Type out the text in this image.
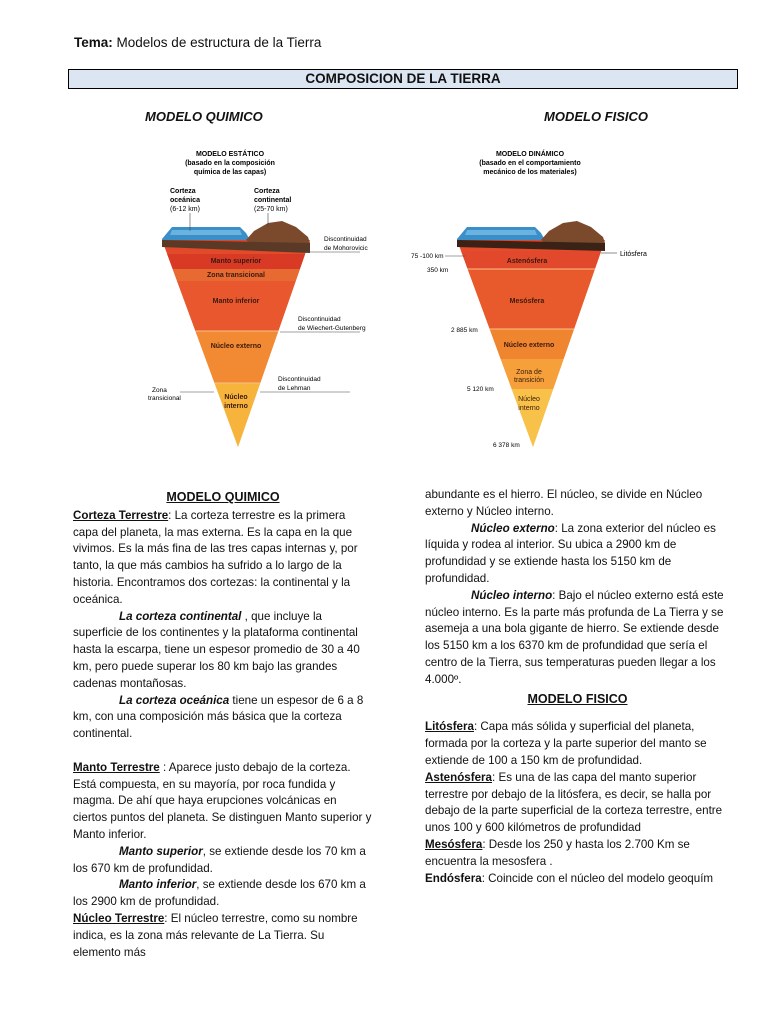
Tema: Modelos de estructura de la Tierra
COMPOSICION DE LA TIERRA
MODELO QUIMICO	MODELO FISICO
MODELO ESTÁTICO
(basado en la composición
química de las capas)
Corteza
oceánica
(6-12 km)
Corteza
continental
(25-70 km)
Discontinuidad
de Mohorovicic
Manto superior
Zona transicional
Manto inferior
Discontinuidad
de Wiechert-Gutenberg
Núcleo externo
Discontinuidad
de Lehman
Zona
transicional	Núcleo
interno
MODELO DINÁMICO
(basado en el comportamiento
mecánico de los materiales)
75 -100 km
350 km
Litósfera
Astenósfera
Mesósfera
2 885 km
Núcleo externo
Zona de
transición
5 120 km
Núcleo
interno
6 378 km

MODELO QUIMICO

Corteza Terrestre: La corteza terrestre es la primera capa del planeta, la mas externa. Es la capa en la que vivimos. Es la más fina de las tres capas internas y, por tanto, la que más cambios ha sufrido a lo largo de la historia. Encontramos dos cortezas: la continental y la oceánica.

La corteza continental , que incluye la superficie de los continentes y la plataforma continental hasta la escarpa, tiene un espesor promedio de 30 a 40 km, pero puede superar los 80 km bajo las grandes cadenas montañosas.

La corteza oceánica tiene un espesor de 6 a 8 km, con una composición más básica que la corteza continental.

Manto Terrestre : Aparece justo debajo de la corteza. Está compuesta, en su mayoría, por roca fundida y magma. De ahí que haya erupciones volcánicas en ciertos puntos del planeta. Se distinguen Manto superior y Manto inferior.

Manto superior, se extiende desde los 70 km a los 670 km de profundidad.

Manto inferior, se extiende desde los 670 km a los 2900 km de profundidad.

Núcleo Terrestre: El núcleo terrestre, como su nombre indica, es la zona más relevante de La Tierra. Su elemento más

abundante es el hierro. El núcleo, se divide en Núcleo externo y Núcleo interno.

Núcleo externo: La zona exterior del núcleo es líquida y rodea al interior. Su ubica a 2900 km de profundidad y se extiende hasta los 5150 km de profundidad.

Núcleo interno: Bajo el núcleo externo está este núcleo interno. Es la parte más profunda de La Tierra y se asemeja a una bola gigante de hierro. Se extiende desde los 5150 km a los 6370 km de profundidad que sería el centro de la Tierra, sus temperaturas pueden llegar a los 4.000º.

MODELO FISICO

Litósfera: Capa más sólida y superficial del planeta, formada por la corteza y la parte superior del manto se extiende de 100 a 150 km de profundidad.

Astenósfera: Es una de las capa del manto superior terrestre por debajo de la litósfera, es decir, se halla por debajo de la parte superficial de la corteza terrestre, entre unos 100 y 600 kilómetros de profundidad

Mesósfera: Desde los 250 y hasta los 2.700 Km se encuentra la mesosfera .

Endósfera: Coincide con el núcleo del modelo geoquím
